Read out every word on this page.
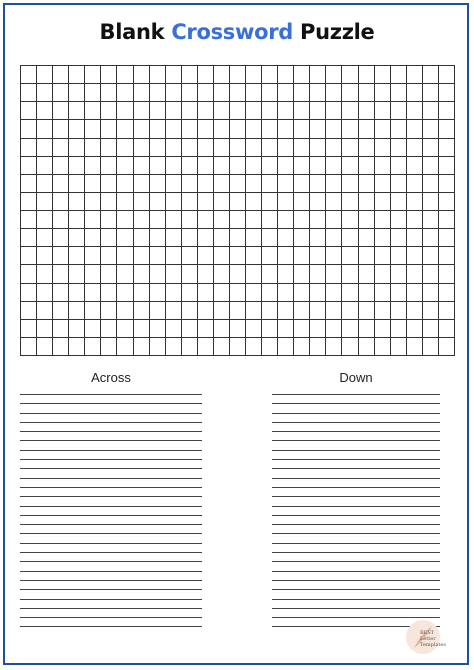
Blank Crossword Puzzle
Across	Down
BEST
Letter Templates
